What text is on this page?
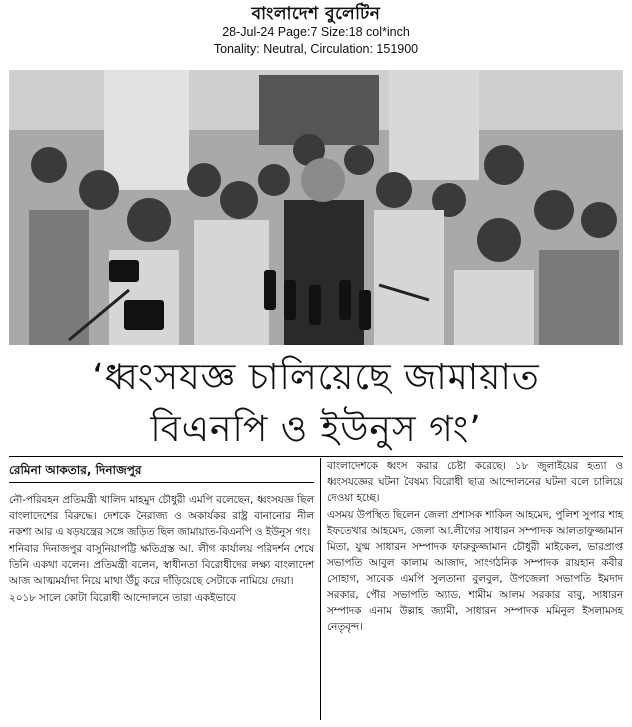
বাংলাদেশ বুলেটিন
28-Jul-24 Page:7 Size:18 col*inch
Tonality: Neutral, Circulation: 151900
‘ধ্বংসযজ্ঞ চালিয়েছে জামায়াত
বিএনপি ও ইউনুস গং’
রেমিনা আকতার, দিনাজপুর

নৌ-পরিবহন প্রতিমন্ত্রী খালিদ মাহমুদ চৌধুরী এমপি বলেছেন, ধ্বংসযজ্ঞ ছিল বাংলাদেশের বিরুদ্ধে। দেশকে নৈরাজ্য ও অকার্যকর রাষ্ট্র বানানোর নীল নকশা আর এ ষড়যন্ত্রের সঙ্গে জড়িত ছিল জামায়াত-বিএনপি ও ইউনুস গং।

শনিবার দিনাজপুর বাসুনিয়াপট্টি ক্ষতিগ্রস্ত আ. লীগ কার্যালয় পরিদর্শন শেষে তিনি একথা বলেন। প্রতিমন্ত্রী বলেন, স্বাধীনতা বিরোধীদের লক্ষ্য বাংলাদেশ আজ আত্মমর্যাদা নিয়ে মাথা উঁচু করে দাঁড়িয়েছে সেটাকে নামিয়ে দেয়া।

২০১৮ সালে কোটা বিরোধী আন্দোলনে তারা একইভাবে

বাংলাদেশকে ধ্বংস করার চেষ্টা করেছে। ১৮ জুলাইয়ের হত্যা ও ধ্বংসযজ্ঞের ঘটনা বৈষম্য বিরোধী ছাত্র আন্দোলনের ঘটনা বলে চালিয়ে দেওয়া হচ্ছে।

এসময় উপস্থিত ছিলেন জেলা প্রশাসক শাকিল আহমেদ, পুলিশ সুপার শাহ ইফতেখার আহমেদ, জেলা আ.লীগের সাধারন সম্পাদক আলতাফুজ্জামান মিতা, যুগ্ম সাধারন সম্পাদক ফারুকুজ্জামান চৌধুরী মাইকেল, ভারপ্রাপ্ত সভাপতি আবুল কালাম আজাদ, সাংগঠনিক সম্পাদক রায়হান কবীর সোহাগ, সাবেক এমপি সুলতানা বুলবুল, উপজেলা সভাপতি ইমদাদ সরকার, পৌর সভাপতি অ্যাড. শামীম আলম সরকার বাবু, সাধারন সম্পাদক এনাম উল্লাহ জ্যামী, সাধারন সম্পাদক মমিনুল ইসলামসহ নেতৃবৃন্দ।
